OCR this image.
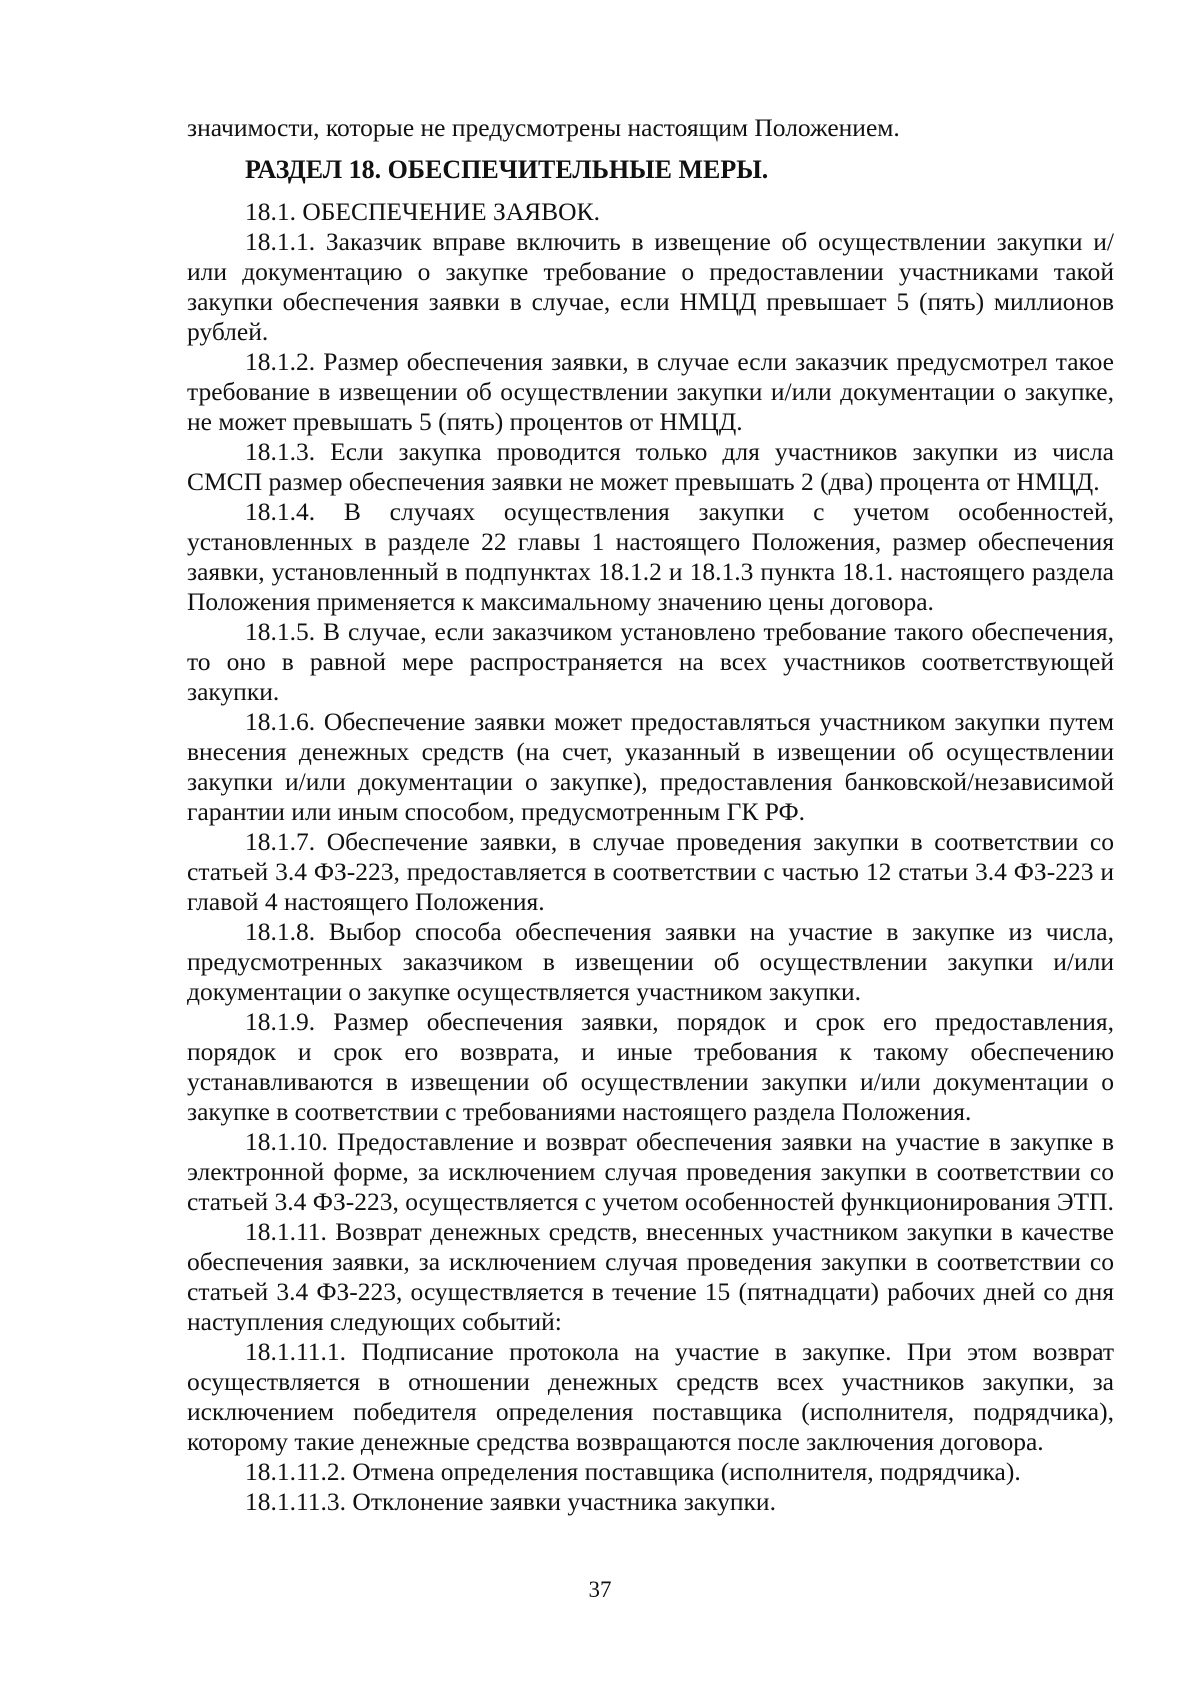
значимости, которые не предусмотрены настоящим Положением.

РАЗДЕЛ 18. ОБЕСПЕЧИТЕЛЬНЫЕ МЕРЫ.

18.1. ОБЕСПЕЧЕНИЕ ЗАЯВОК.

18.1.1. Заказчик вправе включить в извещение об осуществлении закупки и/или документацию о закупке требование о предоставлении участниками такой закупки обеспечения заявки в случае, если НМЦД превышает 5 (пять) миллионов рублей.

18.1.2. Размер обеспечения заявки, в случае если заказчик предусмотрел такое требование в извещении об осуществлении закупки и/или документации о закупке, не может превышать 5 (пять) процентов от НМЦД.

18.1.3. Если закупка проводится только для участников закупки из числа СМСП размер обеспечения заявки не может превышать 2 (два) процента от НМЦД.

18.1.4. В случаях осуществления закупки с учетом особенностей, установленных в разделе 22 главы 1 настоящего Положения, размер обеспечения заявки, установленный в подпунктах 18.1.2 и 18.1.3 пункта 18.1. настоящего раздела Положения применяется к максимальному значению цены договора.

18.1.5. В случае, если заказчиком установлено требование такого обеспечения, то оно в равной мере распространяется на всех участников соответствующей закупки.

18.1.6. Обеспечение заявки может предоставляться участником закупки путем внесения денежных средств (на счет, указанный в извещении об осуществлении закупки и/или документации о закупке), предоставления банковской/независимой гарантии или иным способом, предусмотренным ГК РФ.

18.1.7. Обеспечение заявки, в случае проведения закупки в соответствии со статьей 3.4 ФЗ-223, предоставляется в соответствии с частью 12 статьи 3.4 ФЗ-223 и главой 4 настоящего Положения.

18.1.8. Выбор способа обеспечения заявки на участие в закупке из числа, предусмотренных заказчиком в извещении об осуществлении закупки и/или документации о закупке осуществляется участником закупки.

18.1.9. Размер обеспечения заявки, порядок и срок его предоставления, порядок и срок его возврата, и иные требования к такому обеспечению устанавливаются в извещении об осуществлении закупки и/или документации о закупке в соответствии с требованиями настоящего раздела Положения.

18.1.10. Предоставление и возврат обеспечения заявки на участие в закупке в электронной форме, за исключением случая проведения закупки в соответствии со статьей 3.4 ФЗ-223, осуществляется с учетом особенностей функционирования ЭТП.

18.1.11. Возврат денежных средств, внесенных участником закупки в качестве обеспечения заявки, за исключением случая проведения закупки в соответствии со статьей 3.4 ФЗ-223, осуществляется в течение 15 (пятнадцати) рабочих дней со дня наступления следующих событий:

18.1.11.1. Подписание протокола на участие в закупке. При этом возврат осуществляется в отношении денежных средств всех участников закупки, за исключением победителя определения поставщика (исполнителя, подрядчика), которому такие денежные средства возвращаются после заключения договора.

18.1.11.2. Отмена определения поставщика (исполнителя, подрядчика).

18.1.11.3. Отклонение заявки участника закупки.

37
